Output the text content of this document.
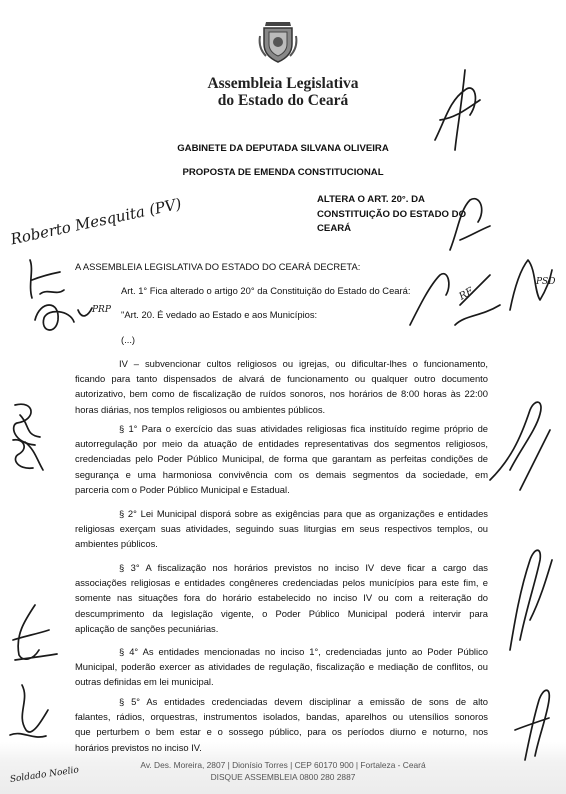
Assembleia Legislativa
do Estado do Ceará
GABINETE DA DEPUTADA SILVANA OLIVEIRA
PROPOSTA DE EMENDA CONSTITUCIONAL
ALTERA O ART. 20°. DA
CONSTITUIÇÃO DO ESTADO DO
CEARÁ
A ASSEMBLEIA LEGISLATIVA DO ESTADO DO CEARÁ DECRETA:
Art. 1° Fica alterado o artigo 20° da Constituição do Estado do Ceará:
"Art. 20. É vedado ao Estado e aos Municípios:
(...)
IV – subvencionar cultos religiosos ou igrejas, ou dificultar-lhes o funcionamento,
ficando para tanto dispensados de alvará de funcionamento ou qualquer outro documento
autorizativo, bem como de fiscalização de ruídos sonoros, nos horários de 8:00 horas às 22:00
horas diárias, nos templos religiosos ou ambientes públicos.
§ 1° Para o exercício das suas atividades religiosas fica instituído regime próprio de
autorregulação por meio da atuação de entidades representativas dos segmentos religiosos,
credenciadas pelo Poder Público Municipal, de forma que garantam as perfeitas condições de
segurança e uma harmoniosa convivência com os demais segmentos da sociedade, em
parceria com o Poder Público Municipal e Estadual.
§ 2° Lei Municipal disporá sobre as exigências para que as organizações e entidades
religiosas exerçam suas atividades, seguindo suas liturgias em seus respectivos templos, ou
ambientes públicos.
§ 3° A fiscalização nos horários previstos no inciso IV deve ficar a cargo das
associações religiosas e entidades congêneres credenciadas pelos municípios para este fim, e
somente nas situações fora do horário estabelecido no inciso IV ou com a reiteração do
descumprimento da legislação vigente, o Poder Público Municipal poderá intervir para
aplicação de sanções pecuniárias.
§ 4° As entidades mencionadas no inciso 1°, credenciadas junto ao Poder Público
Municipal, poderão exercer as atividades de regulação, fiscalização e mediação de conflitos, ou
outras definidas em lei municipal.
§ 5° As entidades credenciadas devem disciplinar a emissão de sons de alto
falantes, rádios, orquestras, instrumentos isolados, bandas, aparelhos ou utensílios sonoros
que perturbem o bem estar e o sossego público, para os períodos diurno e noturno, nos
horários previstos no inciso IV.
Av. Des. Moreira, 2807 | Dionísio Torres | CEP 60170 900 | Fortaleza - Ceará
DISQUE ASSEMBLEIA 0800 280 2887
Roberto Mesquita (PV)
PRP
Soldado Noelio
RE
PSD
